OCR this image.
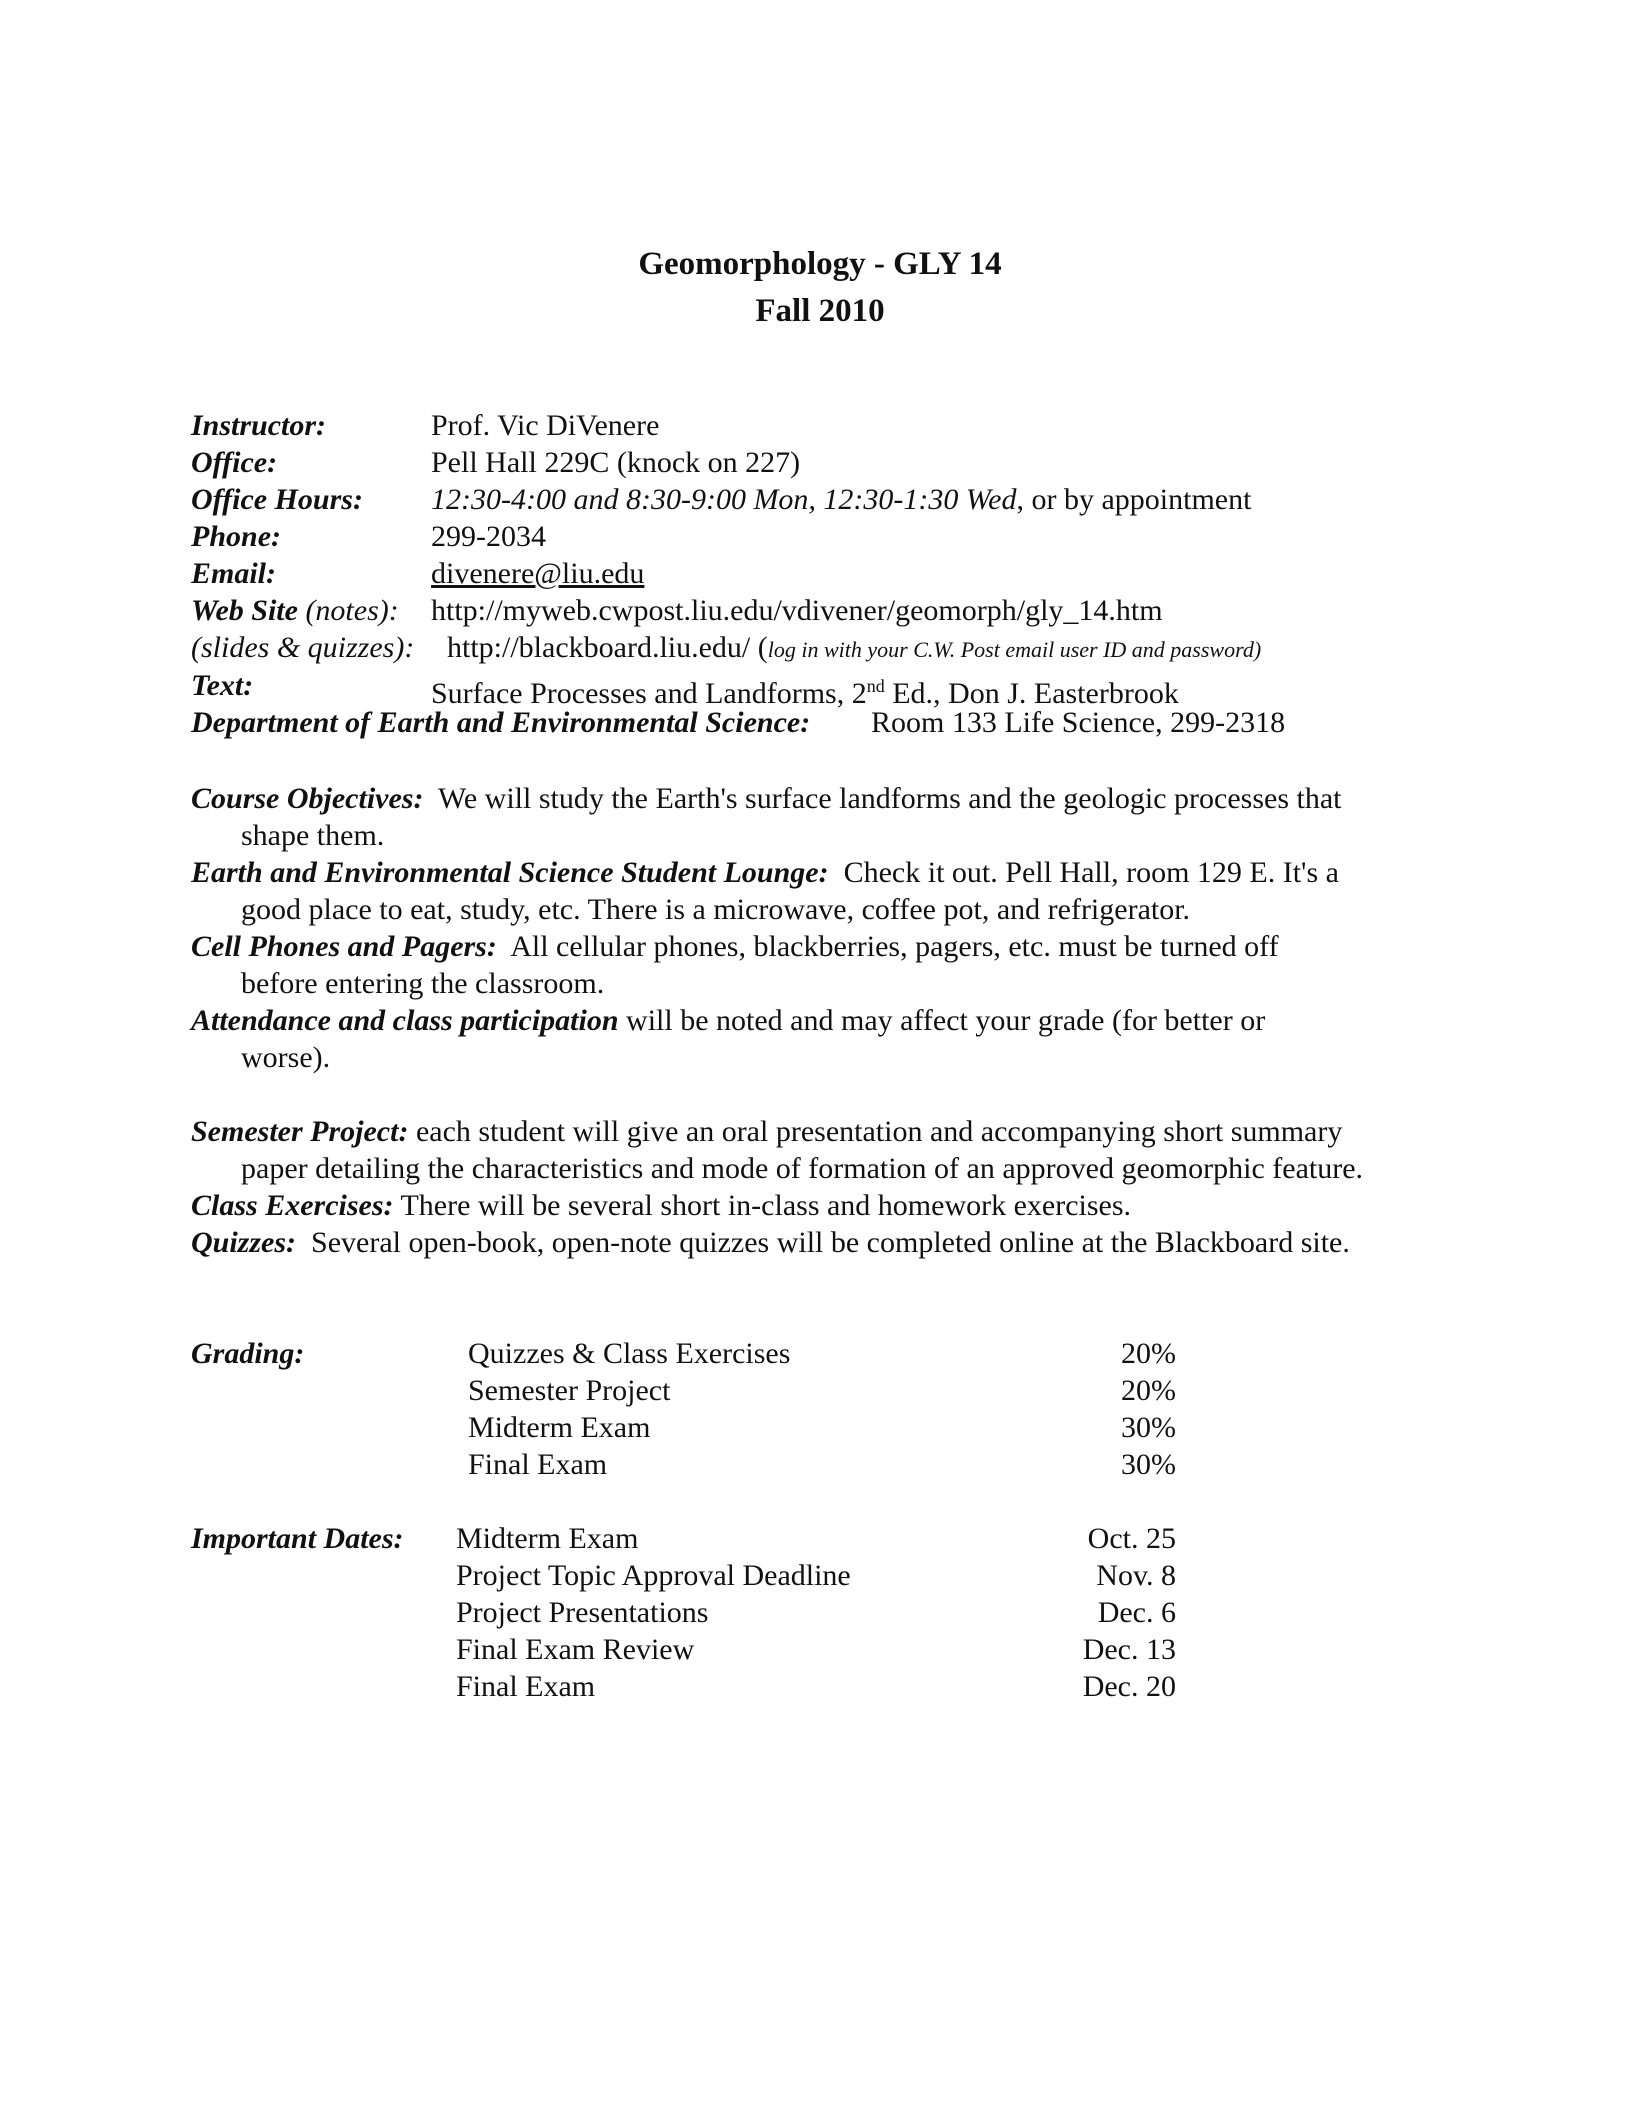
Geomorphology - GLY 14
Fall 2010
Instructor:	Prof. Vic DiVenere
Office:	Pell Hall 229C (knock on 227)
Office Hours: 12:30-4:00 and 8:30-9:00 Mon, 12:30-1:30 Wed, or by appointment
Phone:	299-2034
Email:	divenere@liu.edu
Web Site (notes): http://myweb.cwpost.liu.edu/vdivener/geomorph/gly_14.htm
(slides & quizzes): http://blackboard.liu.edu/ (log in with your C.W. Post email user ID and password)
Text:	Surface Processes and Landforms, 2nd Ed., Don J. Easterbrook
Department of Earth and Environmental Science: Room 133 Life Science, 299-2318
Course Objectives: We will study the Earth's surface landforms and the geologic processes that
shape them.
Earth and Environmental Science Student Lounge: Check it out. Pell Hall, room 129 E. It's a
good place to eat, study, etc. There is a microwave, coffee pot, and refrigerator.
Cell Phones and Pagers: All cellular phones, blackberries, pagers, etc. must be turned off
before entering the classroom.
Attendance and class participation will be noted and may affect your grade (for better or
worse).
Semester Project: each student will give an oral presentation and accompanying short summary
paper detailing the characteristics and mode of formation of an approved geomorphic feature.
Class Exercises: There will be several short in-class and homework exercises.
Quizzes: Several open-book, open-note quizzes will be completed online at the Blackboard site.
Grading:	Quizzes & Class Exercises	20%
Semester Project	20%
Midterm Exam	30%
Final Exam	30%
Important Dates: Midterm Exam	Oct. 25
Project Topic Approval Deadline	Nov. 8
Project Presentations	Dec. 6
Final Exam Review	Dec. 13
Final Exam	Dec. 20
